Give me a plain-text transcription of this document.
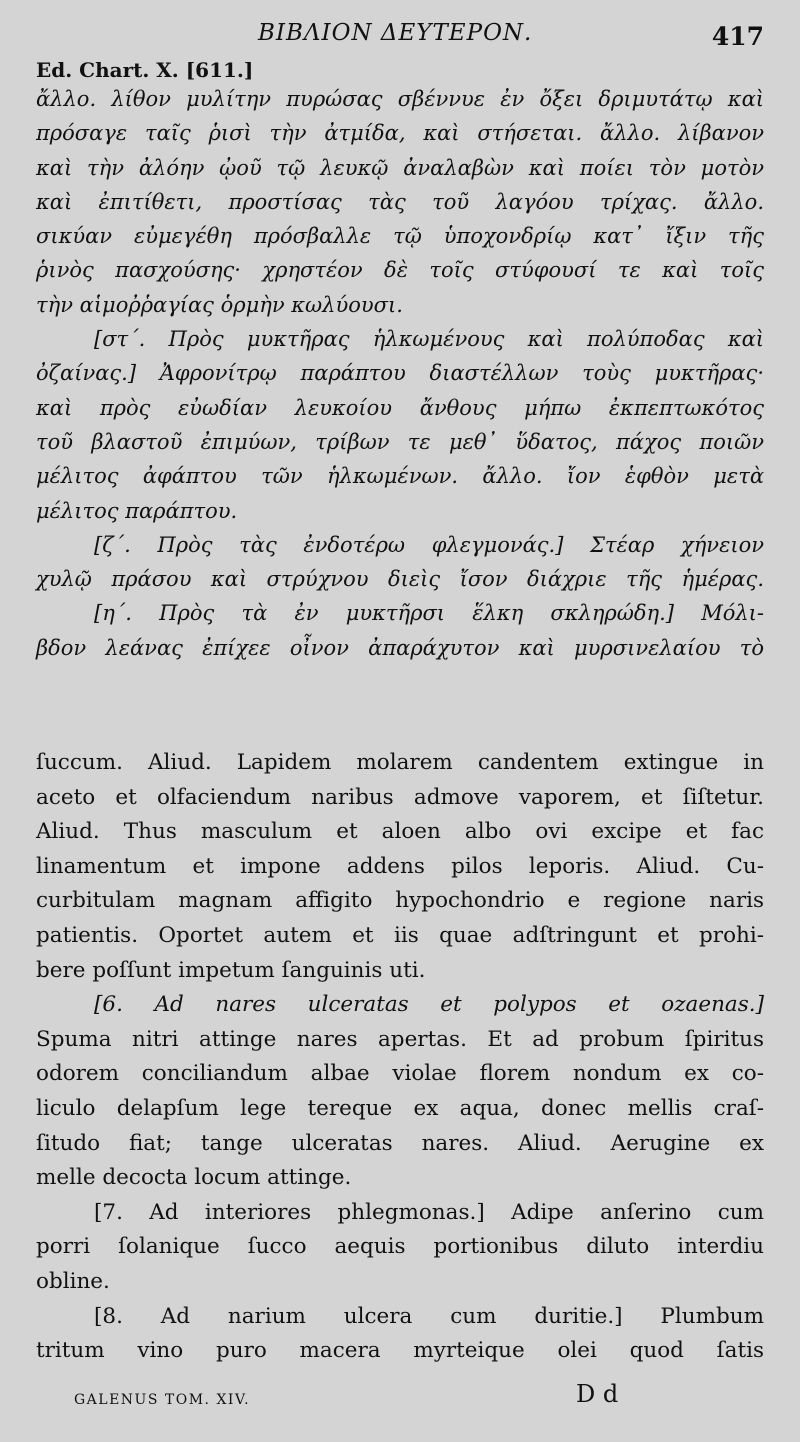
BIBΛΙΟΝ ΔΕΥΤΕΡΟΝ.	417
Ed. Chart. X. [611.]
ἄλλο. λίθον μυλίτην πυρώσας σβέννυε ἐν ὄξει δριμυτάτῳ καὶ
πρόσαγε ταῖς ῥισὶ τὴν ἀτμίδα, καὶ στήσεται. ἄλλο. λίβανον
καὶ τὴν ἀλόην ᾠοῦ τῷ λευκῷ ἀναλαβὼν καὶ ποίει τὸν μοτὸν
καὶ ἐπιτίθετι, προστίσας τὰς τοῦ λαγόου τρίχας. ἄλλο.
σικύαν εὐμεγέθη πρόσβαλλε τῷ ὑποχονδρίῳ κατ᾽ ἴξιν τῆς
ῥινὸς πασχούσης· χρηστέον δὲ τοῖς στύφουσί τε καὶ τοῖς
τὴν αἱμοῤῥαγίας ὁρμὴν κωλύουσι.
[στ´. Πρὸς μυκτῆρας ἡλκωμένους καὶ πολύποδας καὶ
ὀζαίνας.] Ἀφρονίτρῳ παράπτου διαστέλλων τοὺς μυκτῆρας·
καὶ πρὸς εὐωδίαν λευκοίου ἄνθους μήπω ἐκπεπτωκότος
τοῦ βλαστοῦ ἐπιμύων, τρίβων τε μεθ᾽ ὕδατος, πάχος ποιῶν
μέλιτος ἀφάπτου τῶν ἡλκωμένων. ἄλλο. ἴον ἑφθὸν μετὰ
μέλιτος παράπτου.
[ζ´. Πρὸς τὰς ἐνδοτέρω φλεγμονάς.] Στέαρ χήνειον
χυλῷ πράσου καὶ στρύχνου διεὶς ἴσον διάχριε τῆς ἡμέρας.
[η´. Πρὸς τὰ ἐν μυκτῆρσι ἕλκη σκληρώδη.] Μόλι-
βδον λεάνας ἐπίχεε οἶνον ἀπαράχυτον καὶ μυρσινελαίου τὸ
ſuccum. Aliud. Lapidem molarem candentem extingue in
aceto et olfaciendum naribus admove vaporem, et ſiſtetur.
Aliud. Thus masculum et aloen albo ovi excipe et fac
linamentum et impone addens pilos leporis. Aliud. Cu-
curbitulam magnam affigito hypochondrio e regione naris
patientis. Oportet autem et iis quae adſtringunt et prohi-
bere poſſunt impetum ſanguinis uti.
[6. Ad nares ulceratas et polypos et ozaenas.]
Spuma nitri attinge nares apertas. Et ad probum ſpiritus
odorem conciliandum albae violae florem nondum ex co-
liculo delapſum lege tereque ex aqua, donec mellis craſ-
ſitudo fiat; tange ulceratas nares. Aliud. Aerugine ex
melle decocta locum attinge.
[7. Ad interiores phlegmonas.] Adipe anſerino cum
porri ſolanique ſucco aequis portionibus diluto interdiu
obline.
[8. Ad narium ulcera cum duritie.] Plumbum
tritum vino puro macera myrteique olei quod ſatis
GALENUS TOM. XIV.	D d
